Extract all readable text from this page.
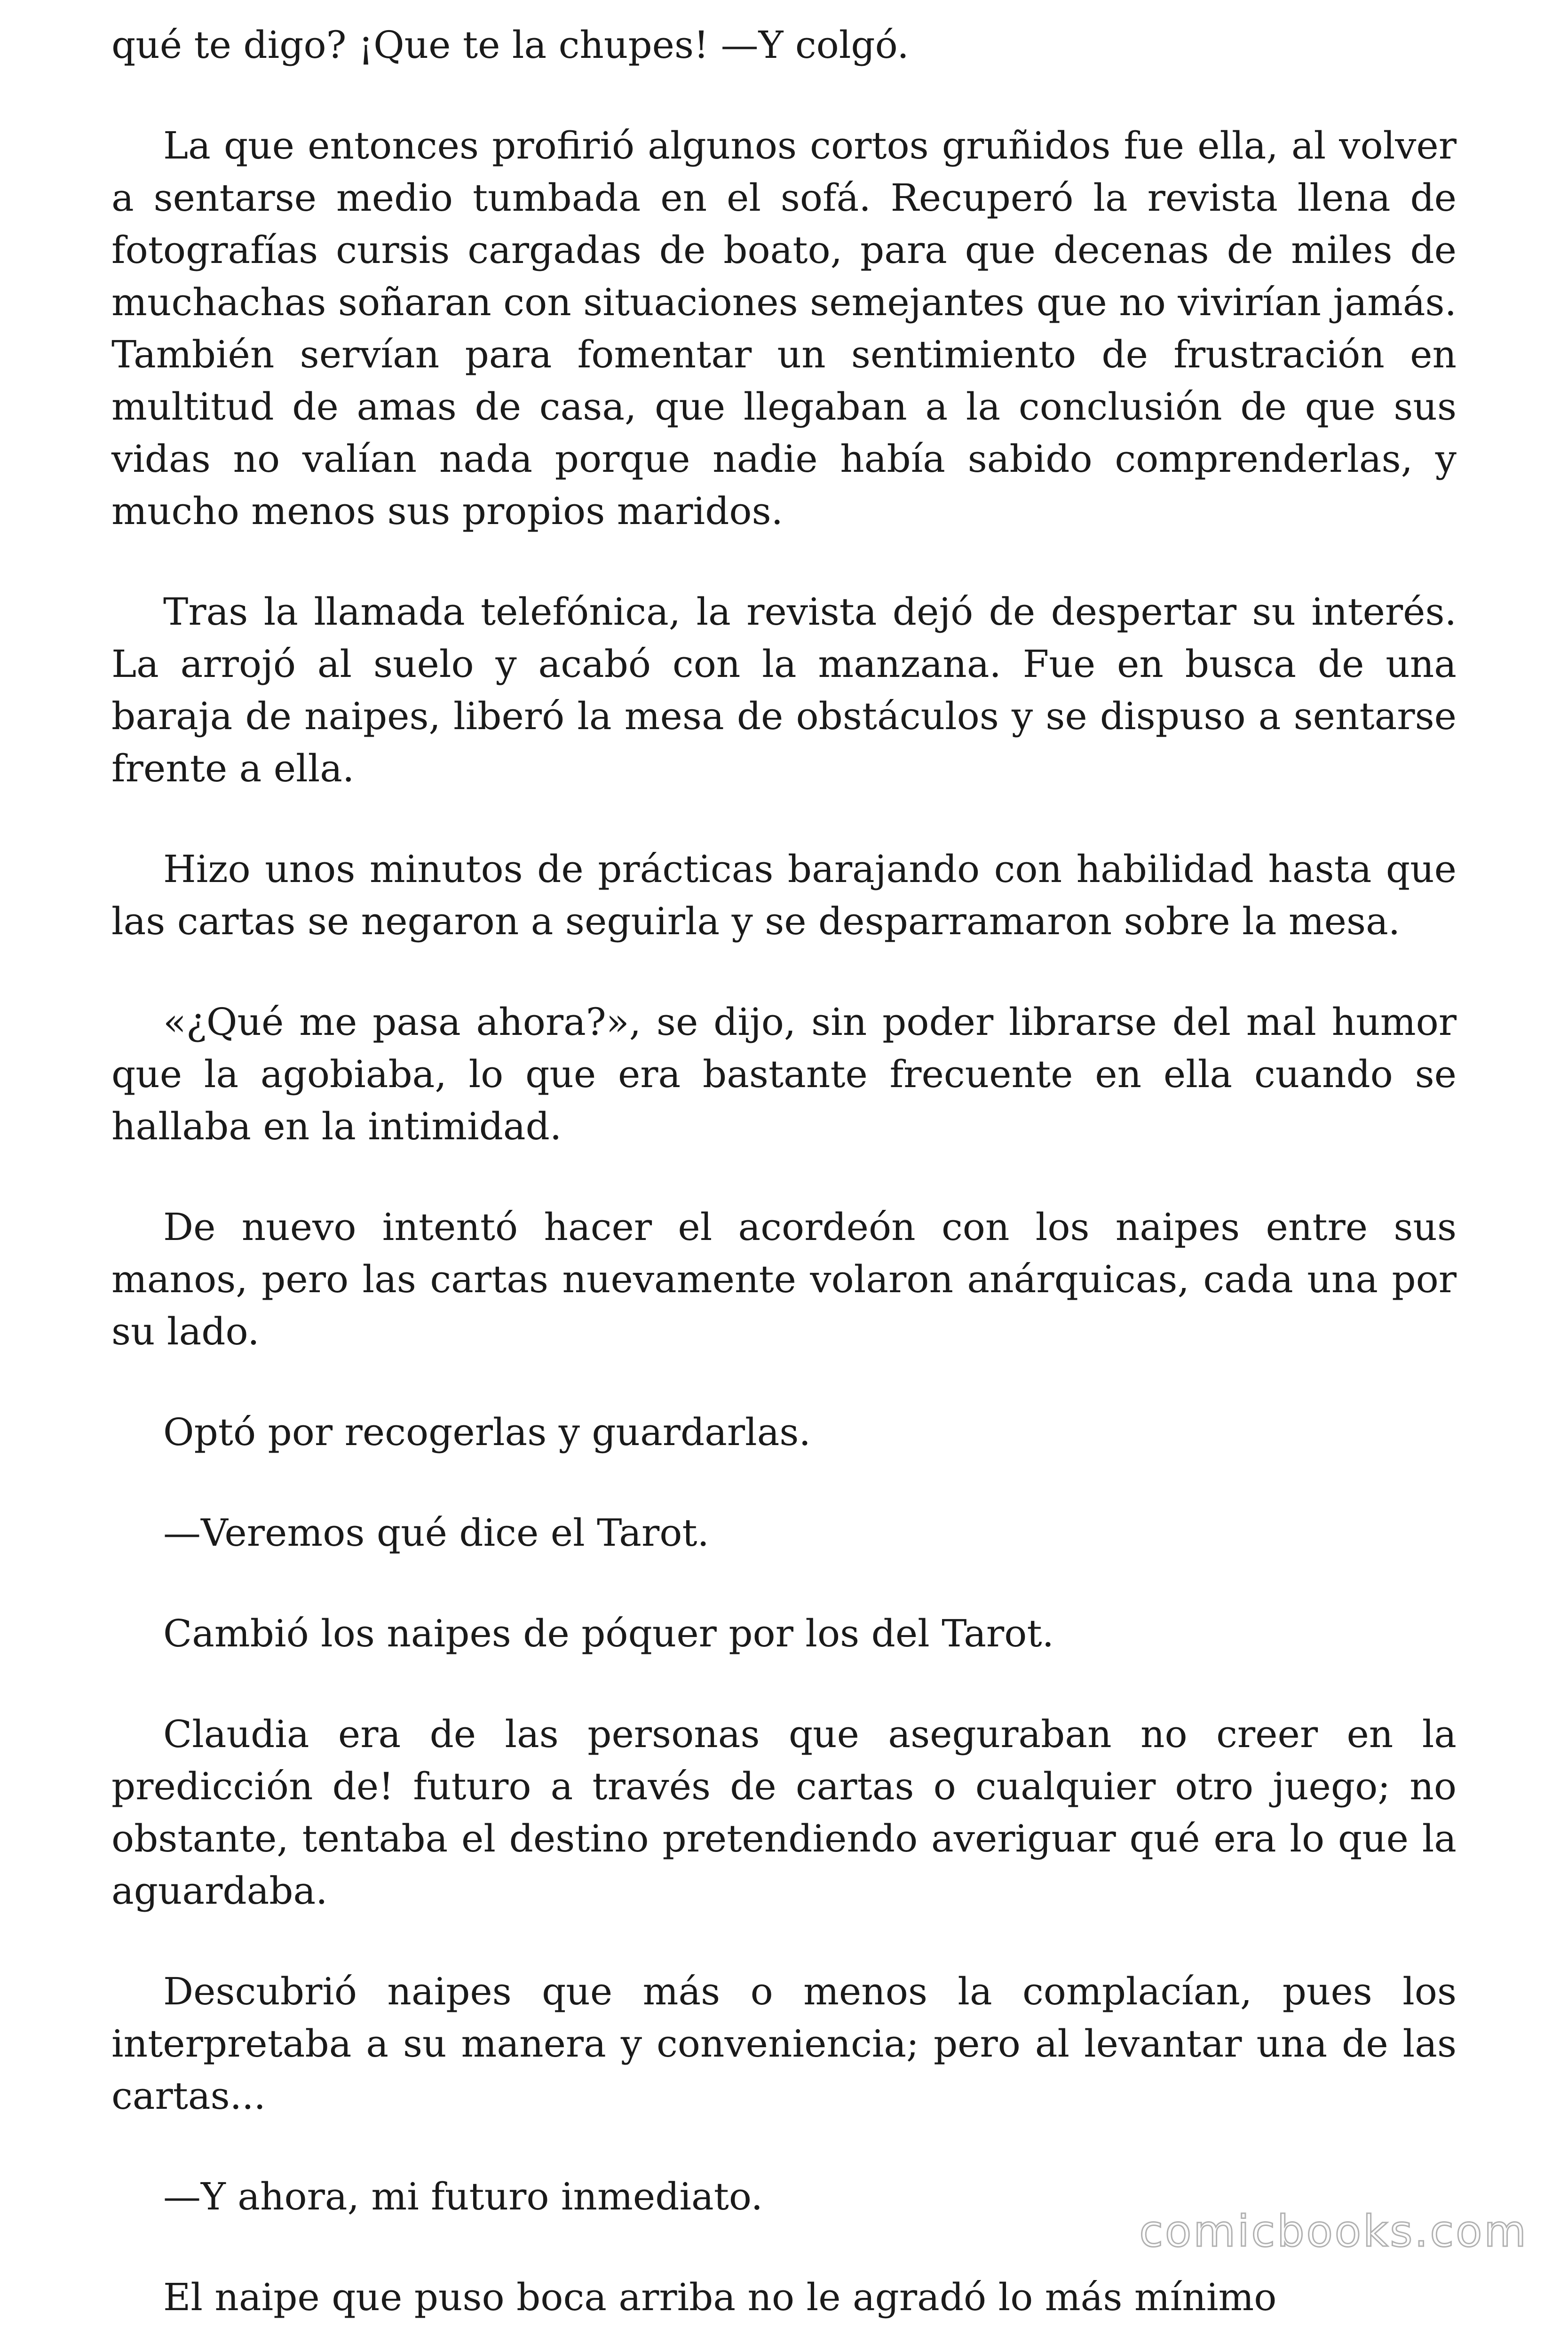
qué te digo? ¡Que te la chupes! —Y colgó.

La que entonces profirió algunos cortos gruñidos fue ella, al volver a sentarse medio tumbada en el sofá. Recuperó la revista llena de fotografías cursis cargadas de boato, para que decenas de miles de muchachas soñaran con situaciones semejantes que no vivirían jamás. También servían para fomentar un sentimiento de frustración en multitud de amas de casa, que llegaban a la conclusión de que sus vidas no valían nada porque nadie había sabido comprenderlas, y mucho menos sus propios maridos.

Tras la llamada telefónica, la revista dejó de despertar su interés. La arrojó al suelo y acabó con la manzana. Fue en busca de una baraja de naipes, liberó la mesa de obstáculos y se dispuso a sentarse frente a ella.

Hizo unos minutos de prácticas barajando con habilidad hasta que las cartas se negaron a seguirla y se desparramaron sobre la mesa.

«¿Qué me pasa ahora?», se dijo, sin poder librarse del mal humor que la agobiaba, lo que era bastante frecuente en ella cuando se hallaba en la intimidad.

De nuevo intentó hacer el acordeón con los naipes entre sus manos, pero las cartas nuevamente volaron anárquicas, cada una por su lado.

Optó por recogerlas y guardarlas.

—Veremos qué dice el Tarot.

Cambió los naipes de póquer por los del Tarot.

Claudia era de las personas que aseguraban no creer en la predicción de! futuro a través de cartas o cualquier otro juego; no obstante, tentaba el destino pretendiendo averiguar qué era lo que la aguardaba.

Descubrió naipes que más o menos la complacían, pues los interpretaba a su manera y conveniencia; pero al levantar una de las cartas...

—Y ahora, mi futuro inmediato.

El naipe que puso boca arriba no le agradó lo más mínimo

comicbooks.com
